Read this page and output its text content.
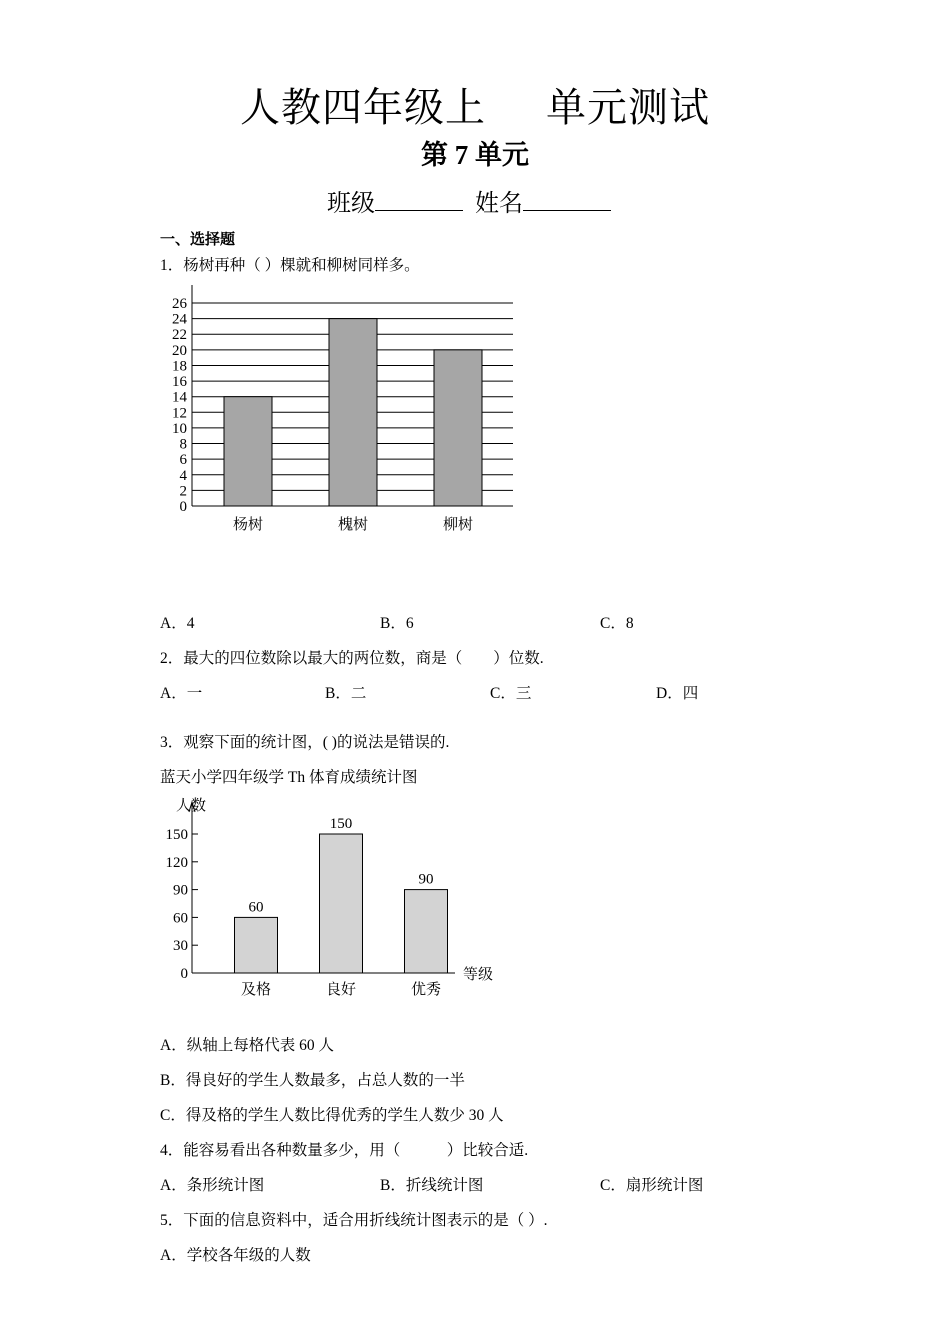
人教四年级上 单元测试
第 7 单元
班级	姓名
一、选择题
1．杨树再种（ ）棵就和柳树同样多。
0
2
4
6
8
10
12
14
16
18
20
22
24
26
杨树	槐树	柳树
A．4	B．6	C．8
2．最大的四位数除以最大的两位数，商是（　　）位数.
A．一	B．二	C．三	D．四
3．观察下面的统计图，( )的说法是错误的.
蓝天小学四年级学 Th 体育成绩统计图
人数
等级
0
30
60
90
120
150
60
及格
150
良好
90
优秀
A．纵轴上每格代表 60 人
B．得良好的学生人数最多，占总人数的一半
C．得及格的学生人数比得优秀的学生人数少 30 人
4．能容易看出各种数量多少，用（　　　）比较合适.
A．条形统计图	B．折线统计图	C．扇形统计图
5．下面的信息资料中，适合用折线统计图表示的是（ ）.
A．学校各年级的人数
